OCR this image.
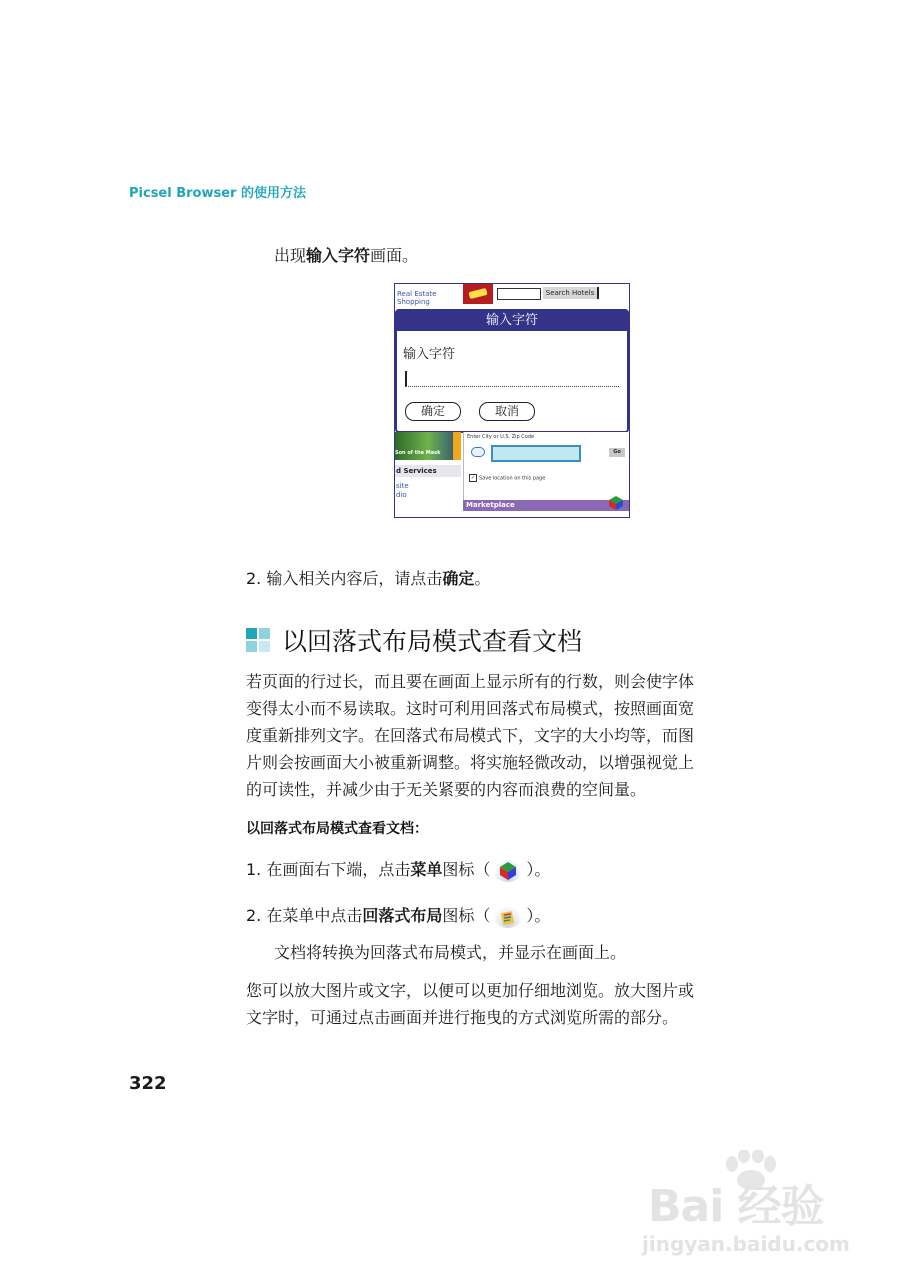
Picsel Browser 的使用方法
出现输入字符画面。
Real Estate
Shopping
Search Hotels
输入字符
输入字符
确定	取消
Son of the Mask
d Services
site
dio
Enter City or U.S. Zip Code
Go
✓ Save location on this page
Marketplace
2. 输入相关内容后，请点击确定。
以回落式布局模式查看文档
若页面的行过长，而且要在画面上显示所有的行数，则会使字体
变得太小而不易读取。这时可利用回落式布局模式，按照画面宽
度重新排列文字。在回落式布局模式下，文字的大小均等，而图
片则会按画面大小被重新调整。将实施轻微改动，以增强视觉上
的可读性，并减少由于无关紧要的内容而浪费的空间量。
以回落式布局模式查看文档：
1. 在画面右下端，点击菜单图标（ ）。
2. 在菜单中点击回落式布局图标（ ）。
文档将转换为回落式布局模式，并显示在画面上。
您可以放大图片或文字，以便可以更加仔细地浏览。放大图片或
文字时，可通过点击画面并进行拖曳的方式浏览所需的部分。
322
Bai 经验
jingyan.baidu.com
